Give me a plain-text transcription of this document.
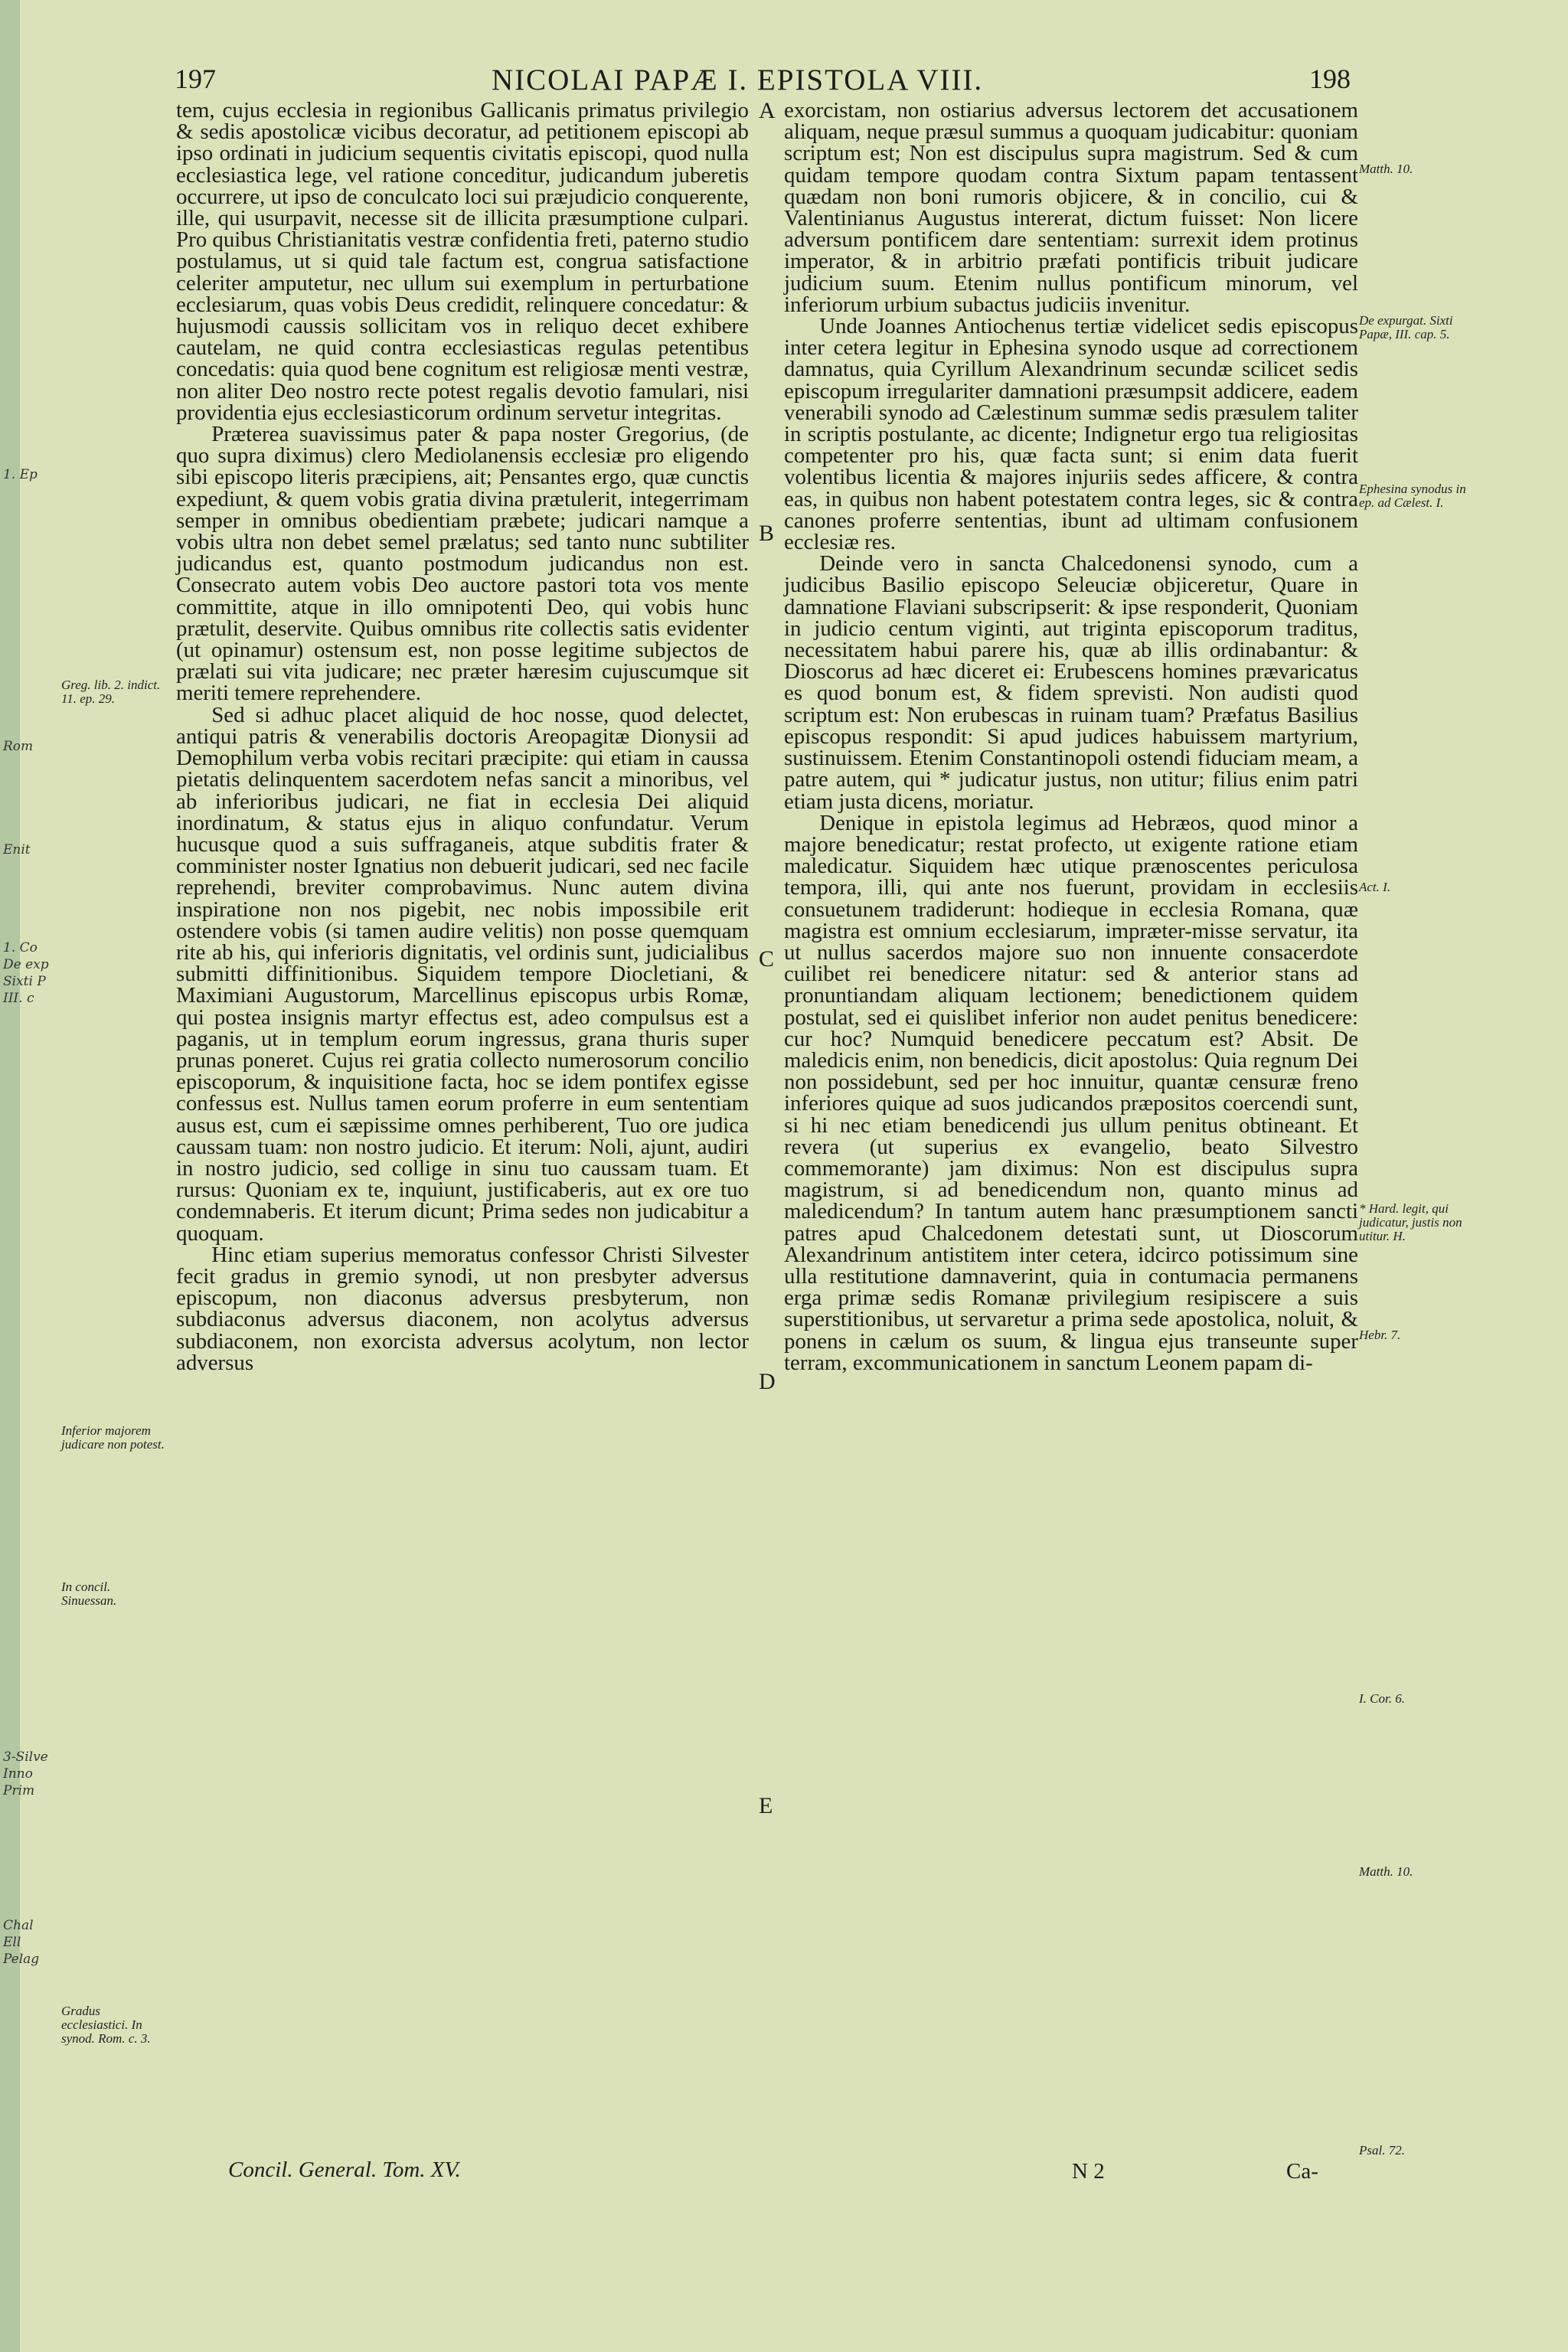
1. Ep
Rom
Enit
1. Co
De exp
Sixti P
III. c
3-Silve
Inno
Prim
Chal
Ell
Pelag
197	NICOLAI PAPÆ I. EPISTOLA VIII.	198

tem, cujus ecclesia in regionibus Gallicanis primatus privilegio & sedis apostolicæ vicibus decoratur, ad petitionem episcopi ab ipso ordinati in judicium sequentis civitatis episcopi, quod nulla ecclesiastica lege, vel ratione conceditur, judicandum juberetis occurrere, ut ipso de conculcato loci sui præjudicio conquerente, ille, qui usurpavit, necesse sit de illicita præsumptione culpari. Pro quibus Christianitatis vestræ confidentia freti, paterno studio postulamus, ut si quid tale factum est, congrua satisfactione celeriter amputetur, nec ullum sui exemplum in perturbatione ecclesiarum, quas vobis Deus credidit, relinquere concedatur: & hujusmodi caussis sollicitam vos in reliquo decet exhibere cautelam, ne quid contra ecclesiasticas regulas petentibus concedatis: quia quod bene cognitum est religiosæ menti vestræ, non aliter Deo nostro recte potest regalis devotio famulari, nisi providentia ejus ecclesiasticorum ordinum servetur integritas.

Præterea suavissimus pater & papa noster Gregorius, (de quo supra diximus) clero Mediolanensis ecclesiæ pro eligendo sibi episcopo literis præcipiens, ait; Pensantes ergo, quæ cunctis expediunt, & quem vobis gratia divina prætulerit, integerrimam semper in omnibus obedientiam præbete; judicari namque a vobis ultra non debet semel prælatus; sed tanto nunc subtiliter judicandus est, quanto postmodum judicandus non est. Consecrato autem vobis Deo auctore pastori tota vos mente committite, atque in illo omnipotenti Deo, qui vobis hunc prætulit, deservite. Quibus omnibus rite collectis satis evidenter (ut opinamur) ostensum est, non posse legitime subjectos de prælati sui vita judicare; nec præter hæresim cujuscumque sit meriti temere reprehendere.

Sed si adhuc placet aliquid de hoc nosse, quod delectet, antiqui patris & venerabilis doctoris Areopagitæ Dionysii ad Demophilum verba vobis recitari præcipite: qui etiam in caussa pietatis delinquentem sacerdotem nefas sancit a minoribus, vel ab inferioribus judicari, ne fiat in ecclesia Dei aliquid inordinatum, & status ejus in aliquo confundatur. Verum hucusque quod a suis suffraganeis, atque subditis frater & comminister noster Ignatius non debuerit judicari, sed nec facile reprehendi, breviter comprobavimus. Nunc autem divina inspiratione non nos pigebit, nec nobis impossibile erit ostendere vobis (si tamen audire velitis) non posse quemquam rite ab his, qui inferioris dignitatis, vel ordinis sunt, judicialibus submitti diffinitionibus. Siquidem tempore Diocletiani, & Maximiani Augustorum, Marcellinus episcopus urbis Romæ, qui postea insignis martyr effectus est, adeo compulsus est a paganis, ut in templum eorum ingressus, grana thuris super prunas poneret. Cujus rei gratia collecto numerosorum concilio episcoporum, & inquisitione facta, hoc se idem pontifex egisse confessus est. Nullus tamen eorum proferre in eum sententiam ausus est, cum ei sæpissime omnes perhiberent, Tuo ore judica caussam tuam: non nostro judicio. Et iterum: Noli, ajunt, audiri in nostro judicio, sed collige in sinu tuo caussam tuam. Et rursus: Quoniam ex te, inquiunt, justificaberis, aut ex ore tuo condemnaberis. Et iterum dicunt; Prima sedes non judicabitur a quoquam.

Hinc etiam superius memoratus confessor Christi Silvester fecit gradus in gremio synodi, ut non presbyter adversus episcopum, non diaconus adversus presbyterum, non subdiaconus adversus diaconem, non acolytus adversus subdiaconem, non exorcista adversus acolytum, non lector adversus

exorcistam, non ostiarius adversus lectorem det accusationem aliquam, neque præsul summus a quoquam judicabitur: quoniam scriptum est; Non est discipulus supra magistrum. Sed & cum quidam tempore quodam contra Sixtum papam tentassent quædam non boni rumoris objicere, & in concilio, cui & Valentinianus Augustus intererat, dictum fuisset: Non licere adversum pontificem dare sententiam: surrexit idem protinus imperator, & in arbitrio præfati pontificis tribuit judicare judicium suum. Etenim nullus pontificum minorum, vel inferiorum urbium subactus judiciis invenitur.

Unde Joannes Antiochenus tertiæ videlicet sedis episcopus inter cetera legitur in Ephesina synodo usque ad correctionem damnatus, quia Cyrillum Alexandrinum secundæ scilicet sedis episcopum irregulariter damnationi præsumpsit addicere, eadem venerabili synodo ad Cælestinum summæ sedis præsulem taliter in scriptis postulante, ac dicente; Indignetur ergo tua religiositas competenter pro his, quæ facta sunt; si enim data fuerit volentibus licentia & majores injuriis sedes afficere, & contra eas, in quibus non habent potestatem contra leges, sic & contra canones proferre sententias, ibunt ad ultimam confusionem ecclesiæ res.

Deinde vero in sancta Chalcedonensi synodo, cum a judicibus Basilio episcopo Seleuciæ objiceretur, Quare in damnatione Flaviani subscripserit: & ipse responderit, Quoniam in judicio centum viginti, aut triginta episcoporum traditus, necessitatem habui parere his, quæ ab illis ordinabantur: & Dioscorus ad hæc diceret ei: Erubescens homines prævaricatus es quod bonum est, & fidem sprevisti. Non audisti quod scriptum est: Non erubescas in ruinam tuam? Præfatus Basilius episcopus respondit: Si apud judices habuissem martyrium, sustinuissem. Etenim Constantinopoli ostendi fiduciam meam, a patre autem, qui * judicatur justus, non utitur; filius enim patri etiam justa dicens, moriatur.

Denique in epistola legimus ad Hebræos, quod minor a majore benedicatur; restat profecto, ut exigente ratione etiam maledicatur. Siquidem hæc utique prænoscentes periculosa tempora, illi, qui ante nos fuerunt, providam in ecclesiis consuetunem tradiderunt: hodieque in ecclesia Romana, quæ magistra est omnium ecclesiarum, impræter-misse servatur, ita ut nullus sacerdos majore suo non innuente consacerdote cuilibet rei benedicere nitatur: sed & anterior stans ad pronuntiandam aliquam lectionem; benedictionem quidem postulat, sed ei quislibet inferior non audet penitus benedicere: cur hoc? Numquid benedicere peccatum est? Absit. De maledicis enim, non benedicis, dicit apostolus: Quia regnum Dei non possidebunt, sed per hoc innuitur, quantæ censuræ freno inferiores quique ad suos judicandos præpositos coercendi sunt, si hi nec etiam benedicendi jus ullum penitus obtineant. Et revera (ut superius ex evangelio, beato Silvestro commemorante) jam diximus: Non est discipulus supra magistrum, si ad benedicendum non, quanto minus ad maledicendum? In tantum autem hanc præsumptionem sancti patres apud Chalcedonem detestati sunt, ut Dioscorum Alexandrinum antistitem inter cetera, idcirco potissimum sine ulla restitutione damnaverint, quia in contumacia permanens erga primæ sedis Romanæ privilegium resipiscere a suis superstitionibus, ut servaretur a prima sede apostolica, noluit, & ponens in cælum os suum, & lingua ejus transeunte super terram, excommunicationem in sanctum Leonem papam di-

A
B
C
D
E
Greg. lib. 2. indict. 11. ep. 29.
Inferior majorem judicare non potest.
In concil. Sinuessan.
Gradus ecclesiastici. In synod. Rom. c. 3.
Matth. 10.
De expurgat. Sixti Papæ, III. cap. 5.
Ephesina synodus in ep. ad Cælest. I.
Act. I.
* Hard. legit, qui judicatur, justis non utitur. H.
Hebr. 7.
I. Cor. 6.
Matth. 10.
Psal. 72.
Concil. General. Tom. XV.	N 2	Ca-
